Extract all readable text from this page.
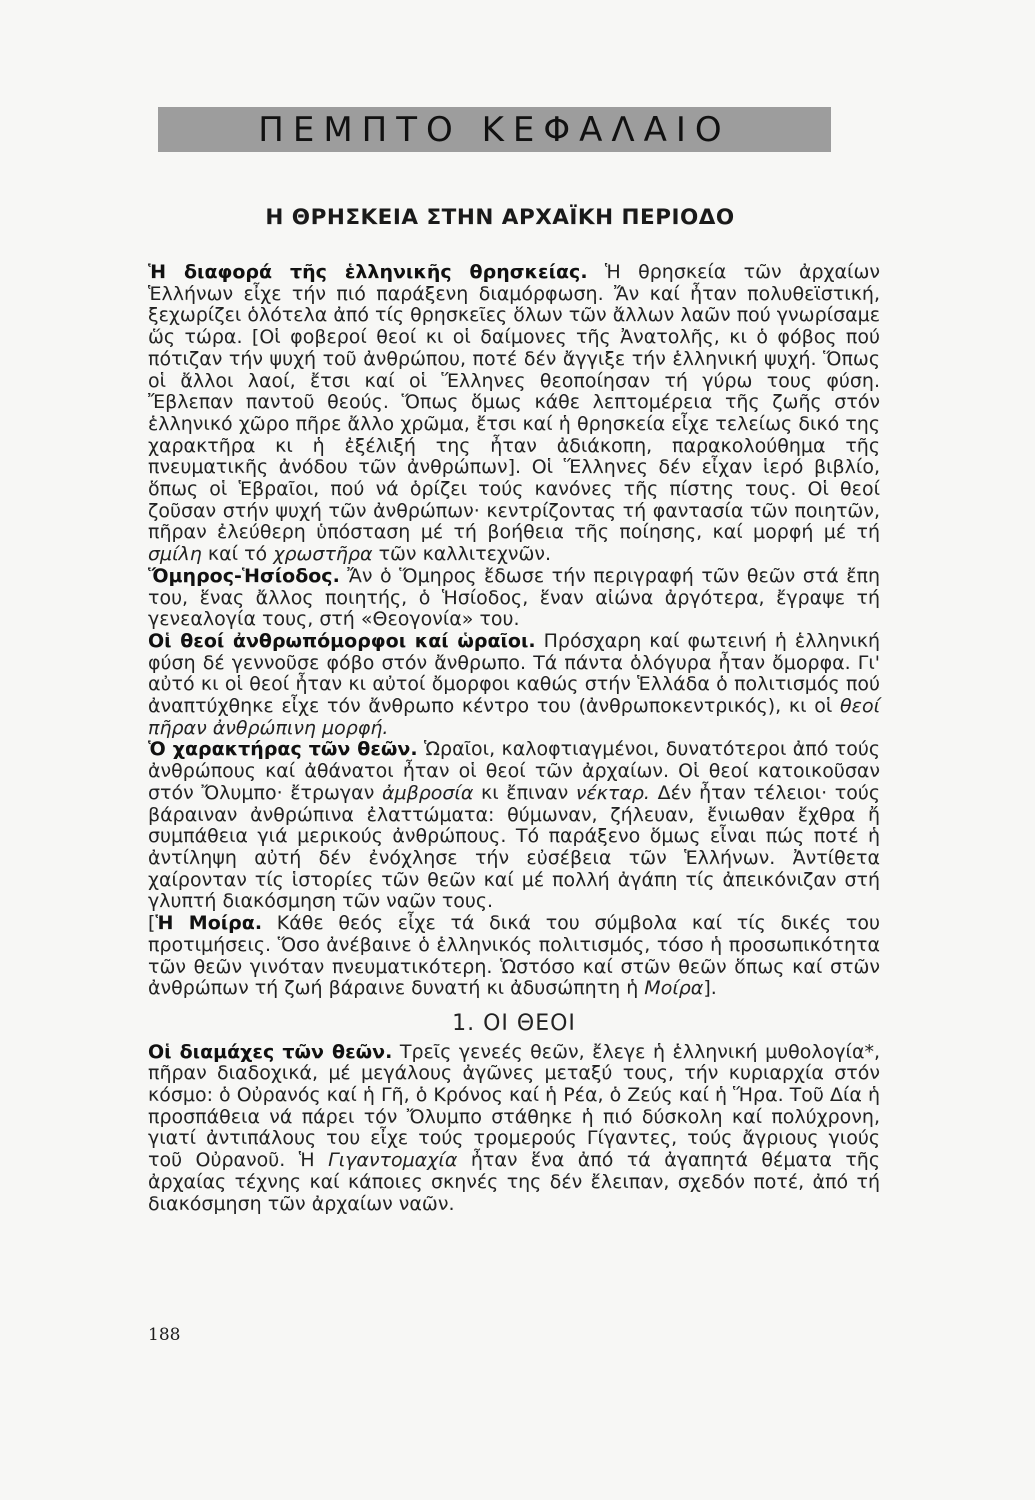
ΠΕΜΠΤΟ ΚΕΦΑΛΑΙΟ
Η ΘΡΗΣΚΕΙΑ ΣΤΗΝ ΑΡΧΑΪΚΗ ΠΕΡΙΟΔΟ

Ἡ διαφορά τῆς ἑλληνικῆς θρησκείας. Ἡ θρησκεία τῶν ἀρχαίων Ἑλλήνων εἶχε τήν πιό παράξενη διαμόρφωση. Ἄν καί ἦταν πολυθεϊστική, ξεχωρίζει ὁλότελα ἀπό τίς θρησκεῖες ὅλων τῶν ἄλλων λαῶν πού γνωρίσαμε ὥς τώρα. [Οἱ φοβεροί θεοί κι οἱ δαίμονες τῆς Ἀνατολῆς, κι ὁ φόβος πού πότιζαν τήν ψυχή τοῦ ἀνθρώπου, ποτέ δέν ἄγγιξε τήν ἑλληνική ψυχή. Ὅπως οἱ ἄλλοι λαοί, ἔτσι καί οἱ Ἕλληνες θεοποίησαν τή γύρω τους φύση. Ἔβλεπαν παντοῦ θεούς. Ὅπως ὅμως κάθε λεπτομέρεια τῆς ζωῆς στόν ἑλληνικό χῶρο πῆρε ἄλλο χρῶμα, ἔτσι καί ἡ θρησκεία εἶχε τελείως δικό της χαρακτῆρα κι ἡ ἐξέλιξή της ἦταν ἀδιάκοπη, παρακολούθημα τῆς πνευματικῆς ἀνόδου τῶν ἀνθρώπων]. Οἱ Ἕλληνες δέν εἶχαν ἱερό βιβλίο, ὅπως οἱ Ἑβραῖοι, πού νά ὁρίζει τούς κανόνες τῆς πίστης τους. Οἱ θεοί ζοῦσαν στήν ψυχή τῶν ἀνθρώπων· κεντρίζοντας τή φαντασία τῶν ποιητῶν, πῆραν ἐλεύθερη ὑπόσταση μέ τή βοήθεια τῆς ποίησης, καί μορφή μέ τή σμίλη καί τό χρωστῆρα τῶν καλλιτεχνῶν.

Ὅμηρος-Ἡσίοδος. Ἄν ὁ Ὅμηρος ἔδωσε τήν περιγραφή τῶν θεῶν στά ἔπη του, ἕνας ἄλλος ποιητής, ὁ Ἡσίοδος, ἕναν αἰώνα ἀργότερα, ἔγραψε τή γενεαλογία τους, στή «Θεογονία» του.

Οἱ θεοί ἀνθρωπόμορφοι καί ὡραῖοι. Πρόσχαρη καί φωτεινή ἡ ἑλληνική φύση δέ γεννοῦσε φόβο στόν ἄνθρωπο. Τά πάντα ὁλόγυρα ἦταν ὄμορφα. Γι' αὐτό κι οἱ θεοί ἦταν κι αὐτοί ὄμορφοι καθώς στήν Ἑλλάδα ὁ πολιτισμός πού ἀναπτύχθηκε εἶχε τόν ἄνθρωπο κέντρο του (ἀνθρωποκεντρικός), κι οἱ θεοί πῆραν ἀνθρώπινη μορφή.

Ὁ χαρακτήρας τῶν θεῶν. Ὡραῖοι, καλοφτιαγμένοι, δυνατότεροι ἀπό τούς ἀνθρώπους καί ἀθάνατοι ἦταν οἱ θεοί τῶν ἀρχαίων. Οἱ θεοί κατοικοῦσαν στόν Ὄλυμπο· ἔτρωγαν ἀμβροσία κι ἔπιναν νέκταρ. Δέν ἦταν τέλειοι· τούς βάραιναν ἀνθρώπινα ἐλαττώματα: θύμωναν, ζήλευαν, ἔνιωθαν ἔχθρα ἤ συμπάθεια γιά μερικούς ἀνθρώπους. Τό παράξενο ὅμως εἶναι πώς ποτέ ἡ ἀντίληψη αὐτή δέν ἐνόχλησε τήν εὐσέβεια τῶν Ἑλλήνων. Ἀντίθετα χαίρονταν τίς ἱστορίες τῶν θεῶν καί μέ πολλή ἀγάπη τίς ἀπεικόνιζαν στή γλυπτή διακόσμηση τῶν ναῶν τους.

[Ἡ Μοίρα. Κάθε θεός εἶχε τά δικά του σύμβολα καί τίς δικές του προτιμήσεις. Ὅσο ἀνέβαινε ὁ ἑλληνικός πολιτισμός, τόσο ἡ προσωπικότητα τῶν θεῶν γινόταν πνευματικότερη. Ὡστόσο καί στῶν θεῶν ὅπως καί στῶν ἀνθρώπων τή ζωή βάραινε δυνατή κι ἀδυσώπητη ἡ Μοίρα].

1. ΟΙ ΘΕΟΙ

Οἱ διαμάχες τῶν θεῶν. Τρεῖς γενεές θεῶν, ἔλεγε ἡ ἑλληνική μυθολογία*, πῆραν διαδοχικά, μέ μεγάλους ἀγῶνες μεταξύ τους, τήν κυριαρχία στόν κόσμο: ὁ Οὐρανός καί ἡ Γῆ, ὁ Κρόνος καί ἡ Ρέα, ὁ Ζεύς καί ἡ Ἥρα. Τοῦ Δία ἡ προσπάθεια νά πάρει τόν Ὄλυμπο στάθηκε ἡ πιό δύσκολη καί πολύχρονη, γιατί ἀντιπάλους του εἶχε τούς τρομερούς Γίγαντες, τούς ἄγριους γιούς τοῦ Οὐρανοῦ. Ἡ Γιγαντομαχία ἦταν ἕνα ἀπό τά ἀγαπητά θέματα τῆς ἀρχαίας τέχνης καί κάποιες σκηνές της δέν ἔλειπαν, σχεδόν ποτέ, ἀπό τή διακόσμηση τῶν ἀρχαίων ναῶν.

188
